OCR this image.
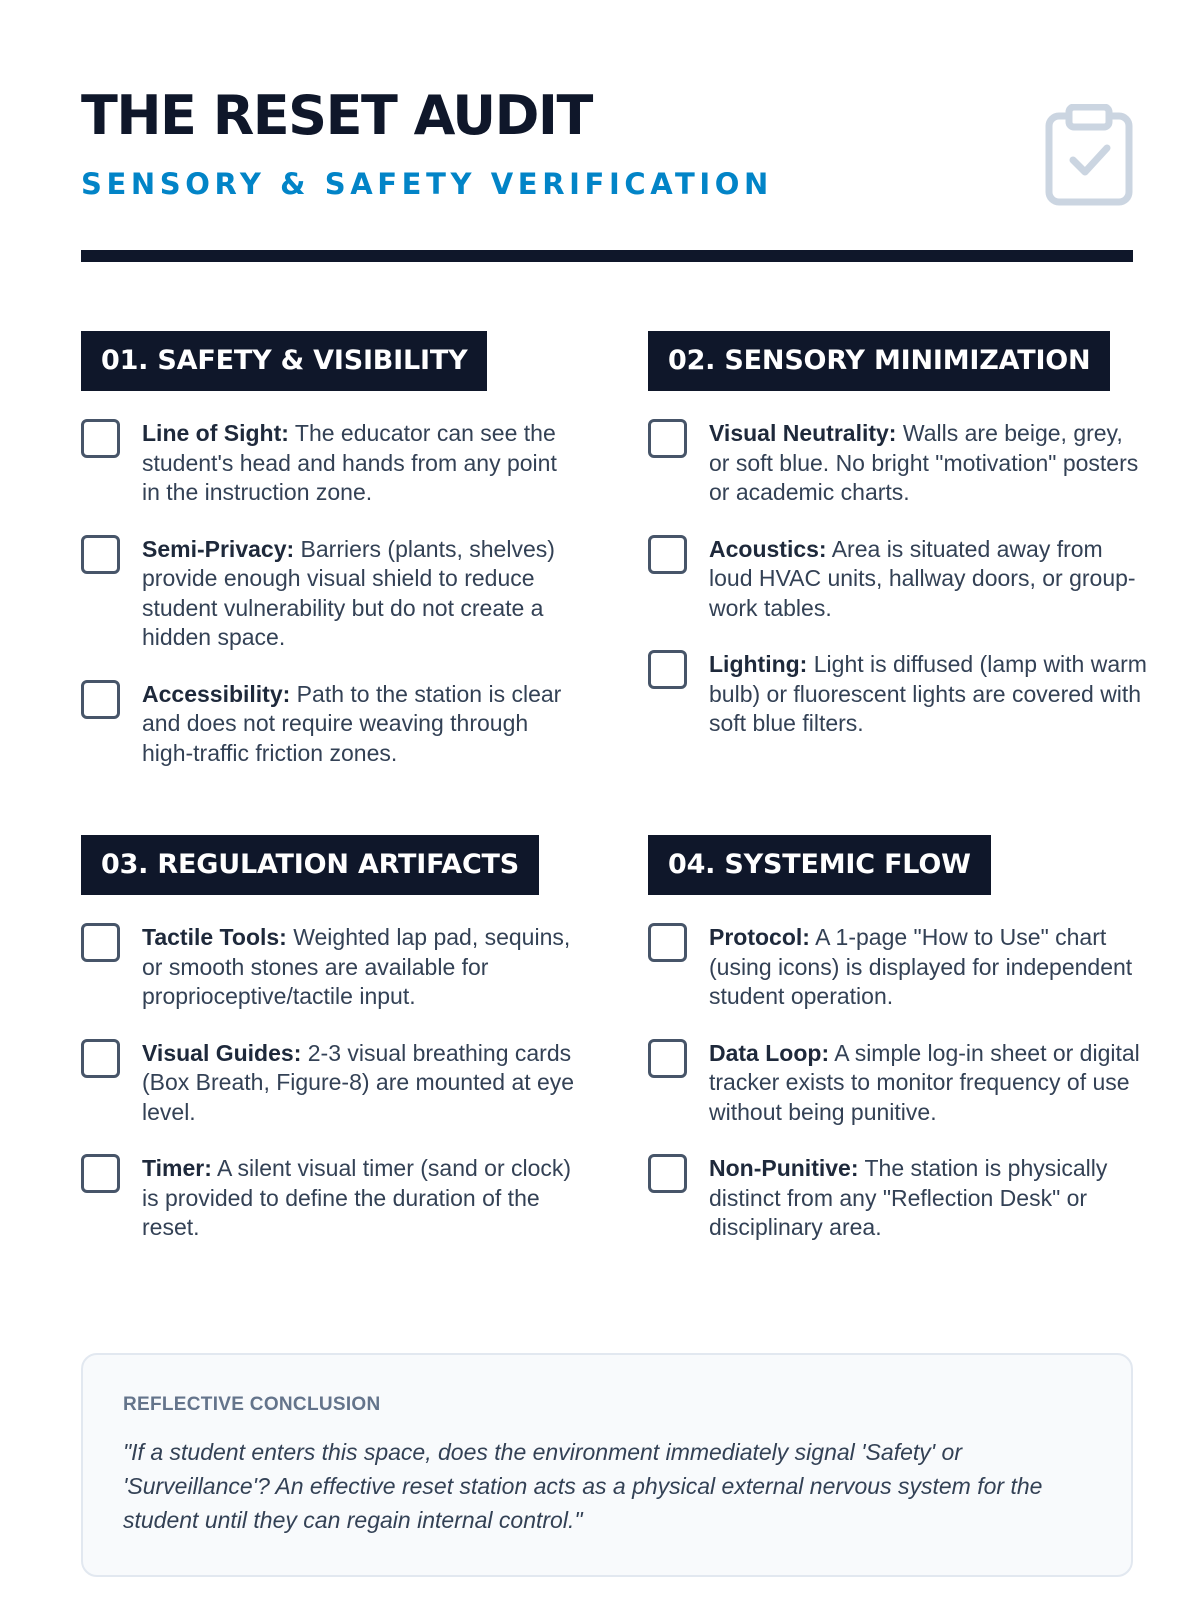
THE RESET AUDIT
SENSORY & SAFETY VERIFICATION
01. SAFETY & VISIBILITY
Line of Sight: The educator can see the student's head and hands from any point in the instruction zone.
Semi-Privacy: Barriers (plants, shelves) provide enough visual shield to reduce student vulnerability but do not create a hidden space.
Accessibility: Path to the station is clear and does not require weaving through high-traffic friction zones.
02. SENSORY MINIMIZATION
Visual Neutrality: Walls are beige, grey, or soft blue. No bright "motivation" posters or academic charts.
Acoustics: Area is situated away from loud HVAC units, hallway doors, or group-work tables.
Lighting: Light is diffused (lamp with warm bulb) or fluorescent lights are covered with soft blue filters.
03. REGULATION ARTIFACTS
Tactile Tools: Weighted lap pad, sequins, or smooth stones are available for proprioceptive/tactile input.
Visual Guides: 2-3 visual breathing cards (Box Breath, Figure-8) are mounted at eye level.
Timer: A silent visual timer (sand or clock) is provided to define the duration of the reset.
04. SYSTEMIC FLOW
Protocol: A 1-page "How to Use" chart (using icons) is displayed for independent student operation.
Data Loop: A simple log-in sheet or digital tracker exists to monitor frequency of use without being punitive.
Non-Punitive: The station is physically distinct from any "Reflection Desk" or disciplinary area.
REFLECTIVE CONCLUSION

"If a student enters this space, does the environment immediately signal 'Safety' or 'Surveillance'? An effective reset station acts as a physical external nervous system for the student until they can regain internal control."
